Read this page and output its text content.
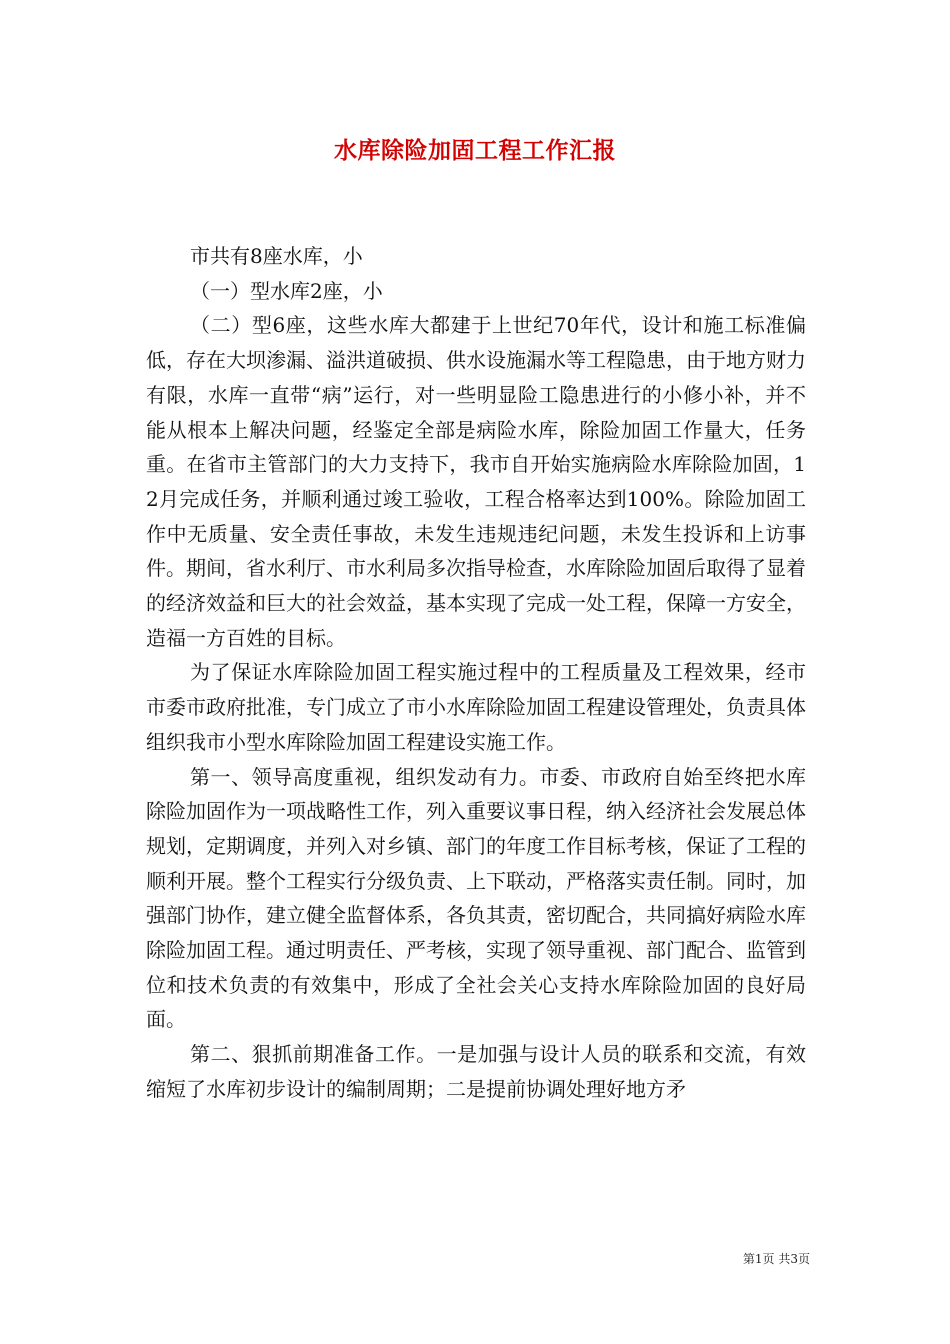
水库除险加固工程工作汇报

市共有8座水库，小

（一）型水库2座，小

（二）型6座，这些水库大都建于上世纪70年代，设计和施工标准偏低，存在大坝渗漏、溢洪道破损、供水设施漏水等工程隐患，由于地方财力有限，水库一直带“病”运行，对一些明显险工隐患进行的小修小补，并不能从根本上解决问题，经鉴定全部是病险水库，除险加固工作量大，任务重。在省市主管部门的大力支持下，我市自开始实施病险水库除险加固，12月完成任务，并顺利通过竣工验收，工程合格率达到100%。除险加固工作中无质量、安全责任事故，未发生违规违纪问题，未发生投诉和上访事件。期间，省水利厅、市水利局多次指导检查，水库除险加固后取得了显着的经济效益和巨大的社会效益，基本实现了完成一处工程，保障一方安全，造福一方百姓的目标。

为了保证水库除险加固工程实施过程中的工程质量及工程效果，经市市委市政府批准，专门成立了市小水库除险加固工程建设管理处，负责具体组织我市小型水库除险加固工程建设实施工作。

第一、领导高度重视，组织发动有力。市委、市政府自始至终把水库除险加固作为一项战略性工作，列入重要议事日程，纳入经济社会发展总体规划，定期调度，并列入对乡镇、部门的年度工作目标考核，保证了工程的顺利开展。整个工程实行分级负责、上下联动，严格落实责任制。同时，加强部门协作，建立健全监督体系，各负其责，密切配合，共同搞好病险水库除险加固工程。通过明责任、严考核，实现了领导重视、部门配合、监管到位和技术负责的有效集中，形成了全社会关心支持水库除险加固的良好局面。

第二、狠抓前期准备工作。一是加强与设计人员的联系和交流，有效缩短了水库初步设计的编制周期；二是提前协调处理好地方矛

第1页 共3页
